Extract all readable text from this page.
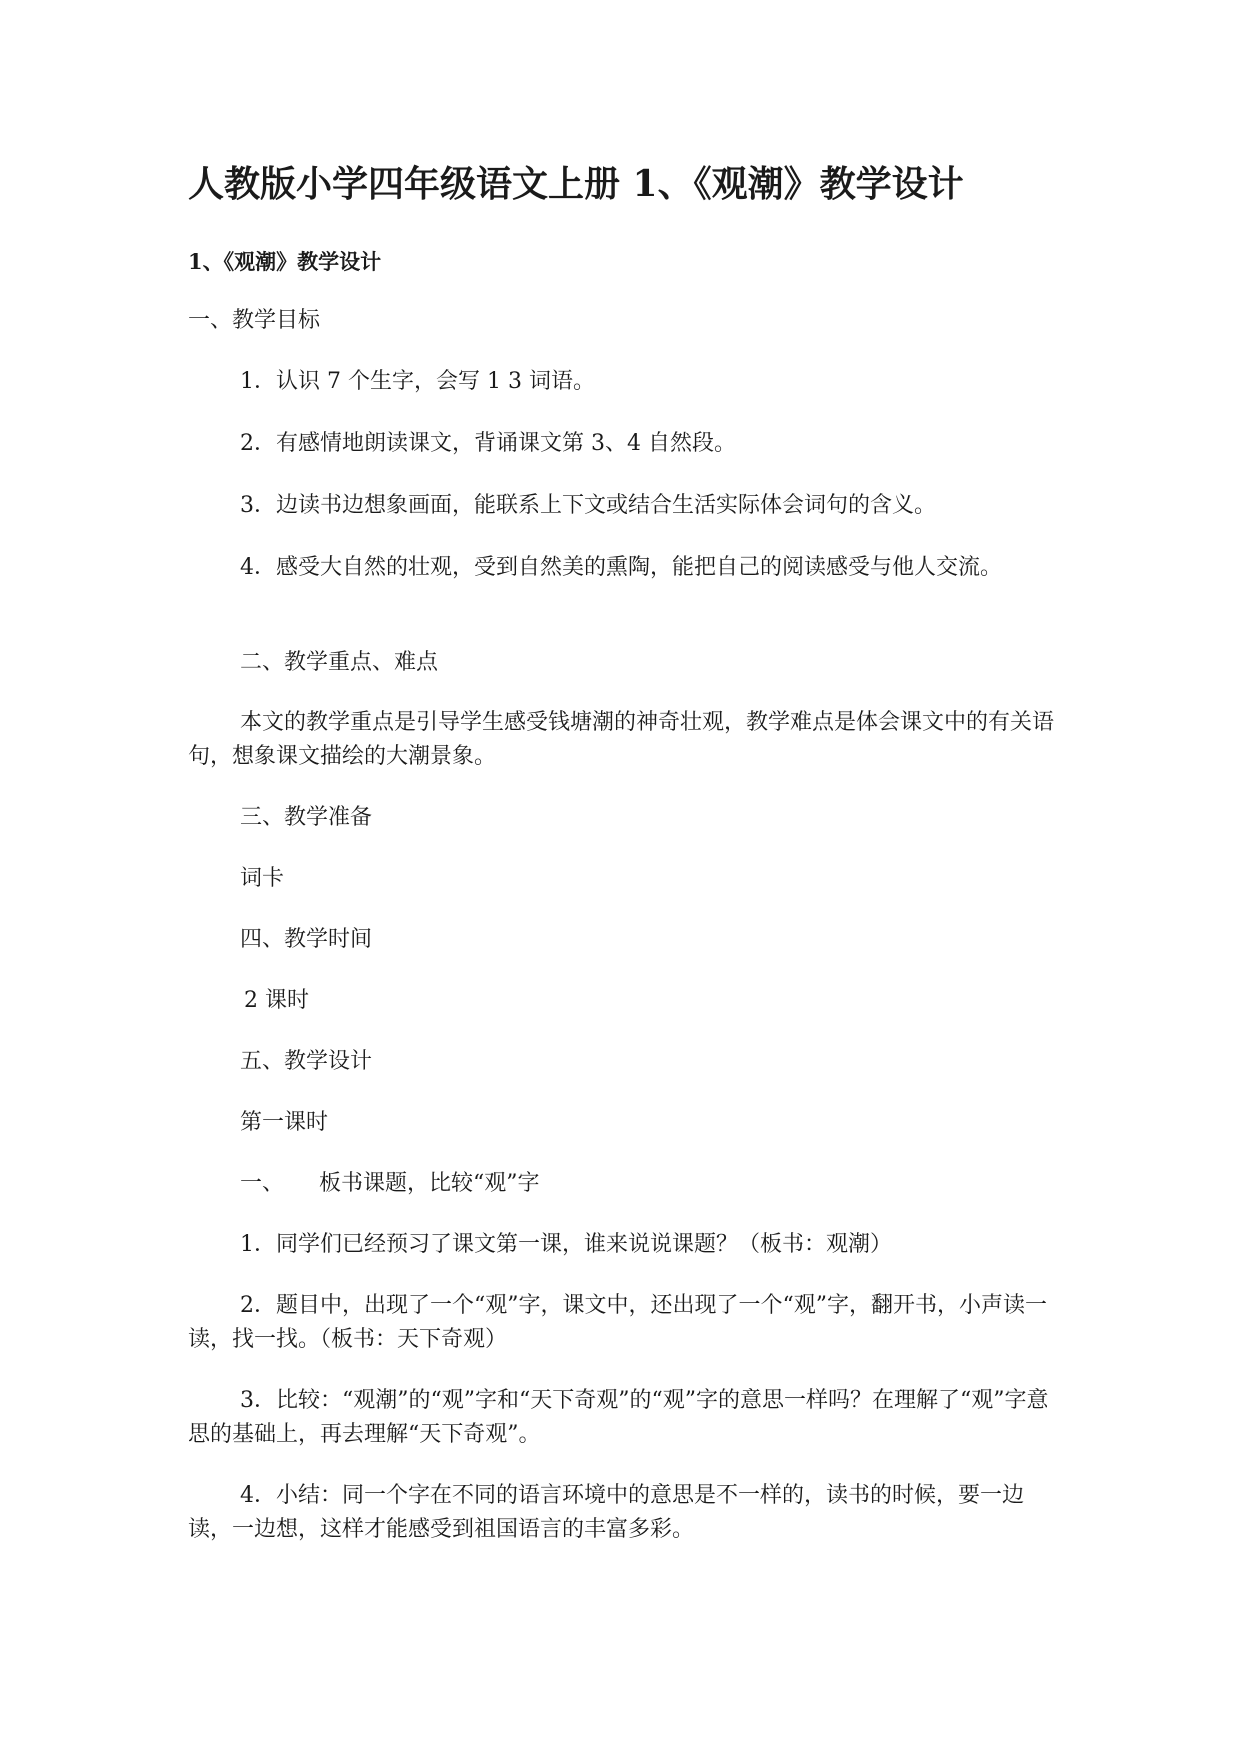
人教版小学四年级语文上册 1、《观潮》教学设计
1、《观潮》教学设计
一、教学目标
1．认识 7 个生字，会写 1 3 词语。
2．有感情地朗读课文，背诵课文第 3、4 自然段。
3．边读书边想象画面，能联系上下文或结合生活实际体会词句的含义。
4．感受大自然的壮观，受到自然美的熏陶，能把自己的阅读感受与他人交流。
二、教学重点、难点
本文的教学重点是引导学生感受钱塘潮的神奇壮观，教学难点是体会课文中的有关语句，想象课文描绘的大潮景象。
三、教学准备
词卡
四、教学时间
2 课时
五、教学设计
第一课时
一、     板书课题，比较“观”字
1．同学们已经预习了课文第一课，谁来说说课题？（板书：观潮）
2．题目中，出现了一个“观”字，课文中，还出现了一个“观”字，翻开书，小声读一读，找一找。（板书：天下奇观）
3．比较：“观潮”的“观”字和“天下奇观”的“观”字的意思一样吗？在理解了“观”字意思的基础上，再去理解“天下奇观”。
4．小结：同一个字在不同的语言环境中的意思是不一样的，读书的时候，要一边读，一边想，这样才能感受到祖国语言的丰富多彩。
